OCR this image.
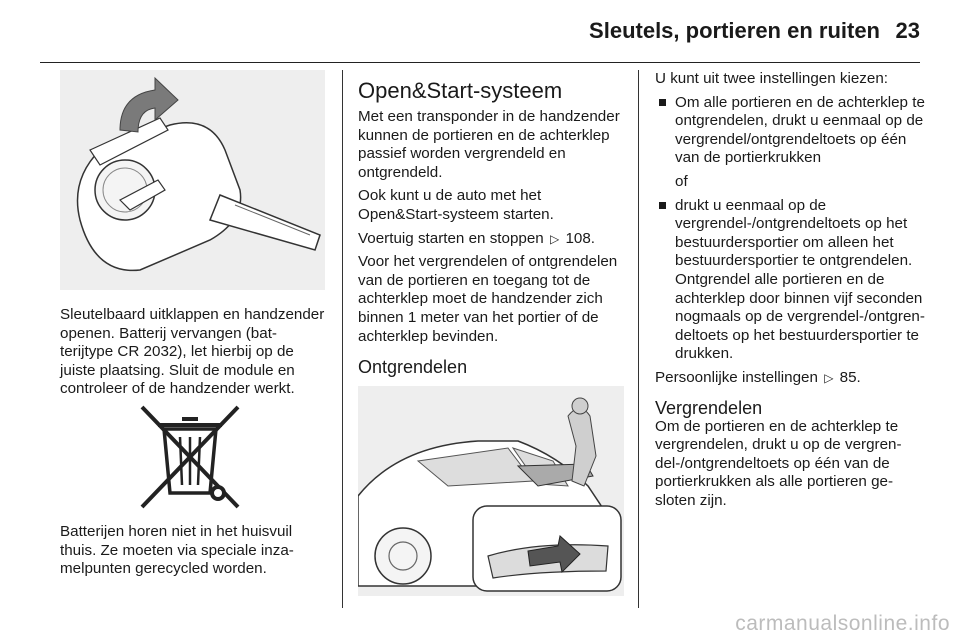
Sleutels, portieren en ruiten 23

Sleutelbaard uitklappen en handzender openen. Batterij vervangen (batterijtype CR 2032), let hierbij op de juiste plaatsing. Sluit de module en controleer of de handzender werkt.

Batterijen horen niet in het huisvuil thuis. Ze moeten via speciale inzamelpunten gerecycled worden.

Open&Start-systeem

Met een transponder in de handzender kunnen de portieren en de achterklep passief worden vergrendeld en ontgrendeld.

Ook kunt u de auto met het Open&Start-systeem starten.

Voertuig starten en stoppen ▷ 108.

Voor het vergrendelen of ontgrendelen van de portieren en toegang tot de achterklep moet de handzender zich binnen 1 meter van het portier of de achterklep bevinden.

Ontgrendelen

U kunt uit twee instellingen kiezen:

Om alle portieren en de achterklep te ontgrendelen, drukt u eenmaal op de vergrendel/ontgrendeltoets op één van de portierkrukken

of

drukt u eenmaal op de vergrendel-/ontgrendeltoets op het bestuurdersportier om alleen het bestuurdersportier te ontgrendelen. Ontgrendel alle portieren en de achterklep door binnen vijf seconden nogmaals op de vergrendel-/ontgrendeltoets op het bestuurdersportier te drukken.

Persoonlijke instellingen ▷ 85.

Vergrendelen

Om de portieren en de achterklep te vergrendelen, drukt u op de vergrendel-/ontgrendeltoets op één van de portierkrukken als alle portieren gesloten zijn.

carmanualsonline.info
